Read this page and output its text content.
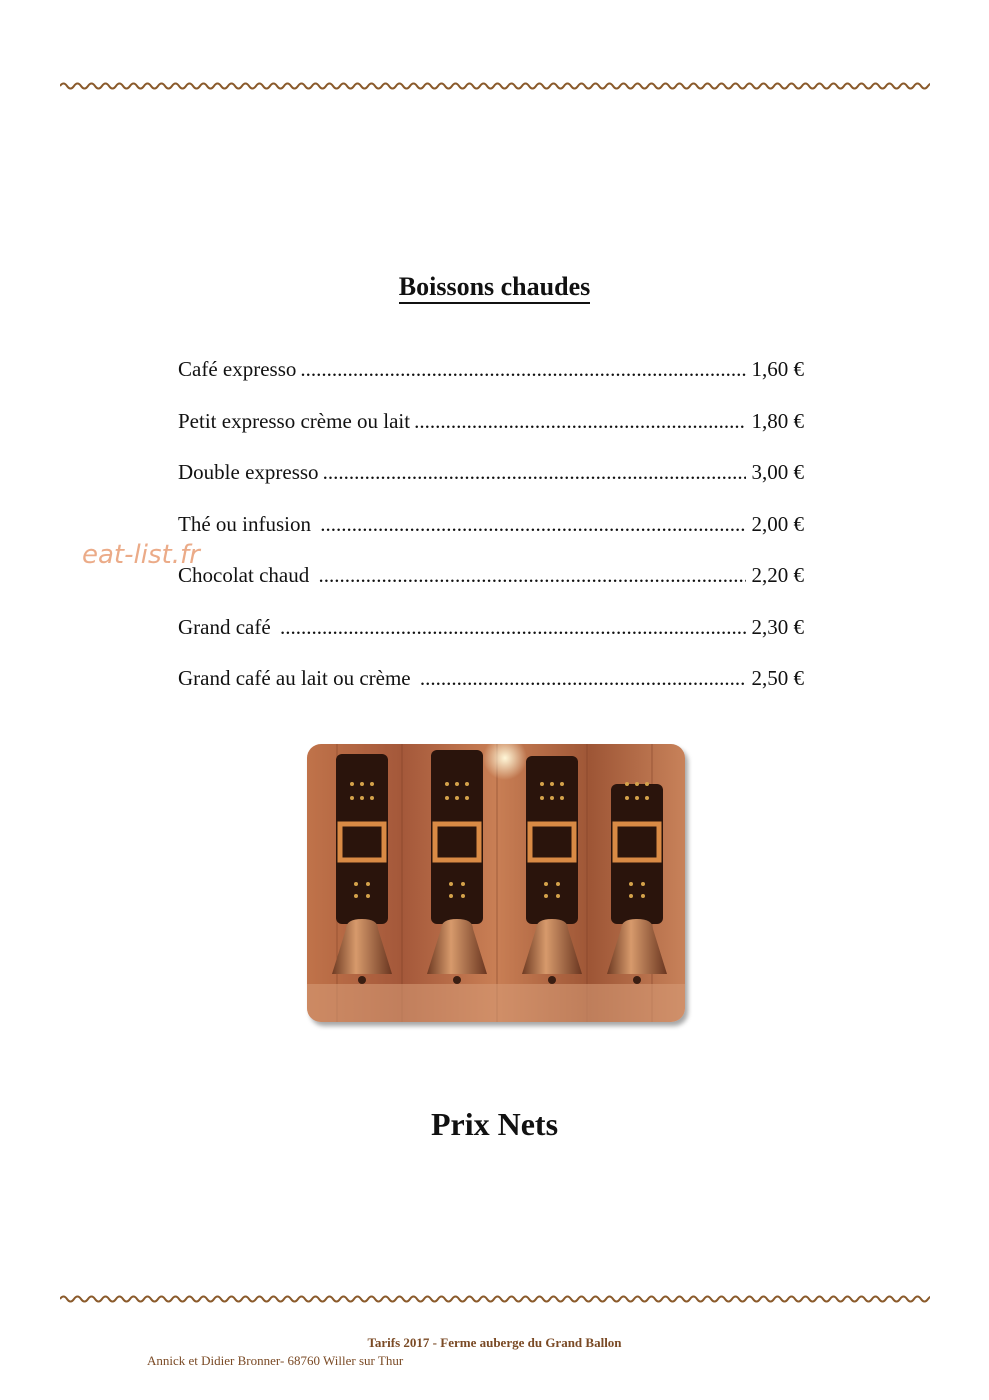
Boissons chaudes
Café expresso .....	1,60 €
Petit expresso crème ou lait .....	1,80 €
Double expresso .....	3,00 €
Thé ou infusion .....	2,00 €
Chocolat chaud .....	2,20 €
Grand café .....	2,30 €
Grand café au lait ou crème .....	2,50 €
eat-list.fr
Prix Nets
Tarifs 2017 - Ferme auberge du Grand Ballon
Annick et Didier Bronner- 68760 Willer sur Thur
